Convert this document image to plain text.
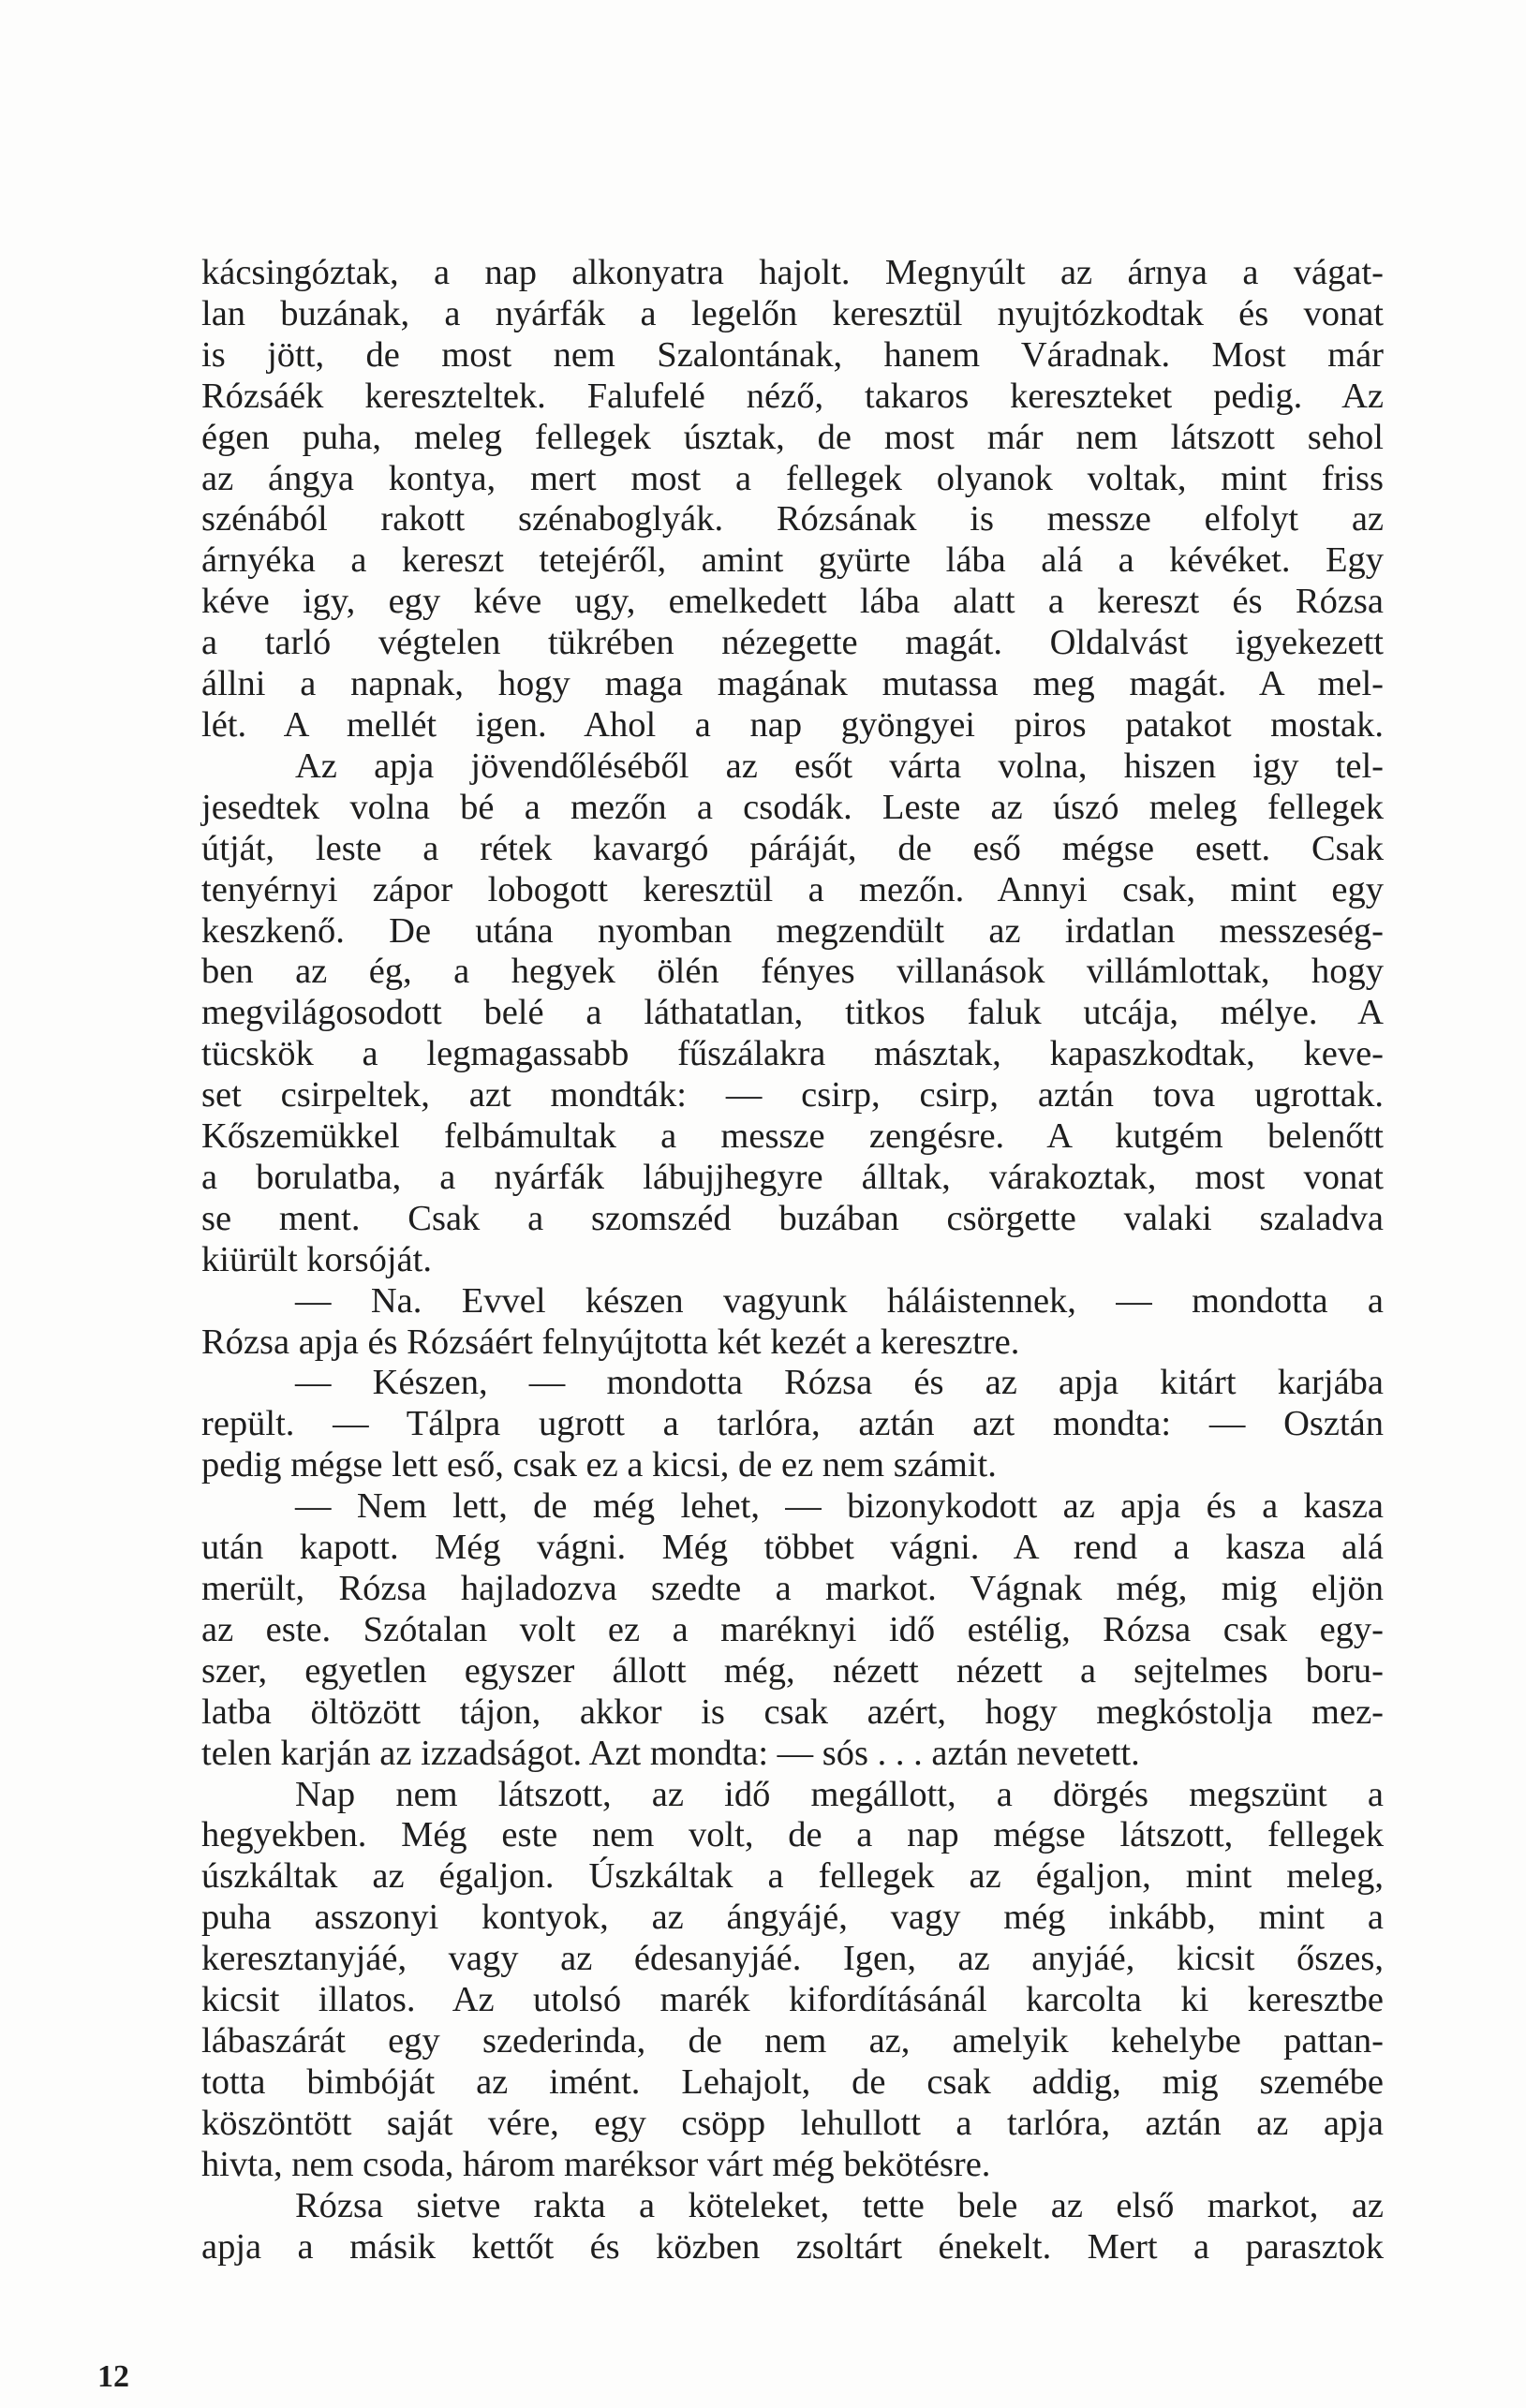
kácsingóztak, a nap alkonyatra hajolt. Megnyúlt az árnya a vágat-
lan buzának, a nyárfák a legelőn keresztül nyujtózkodtak és vonat
is jött, de most nem Szalontának, hanem Váradnak. Most már
Rózsáék kereszteltek. Falufelé néző, takaros kereszteket pedig. Az
égen puha, meleg fellegek úsztak, de most már nem látszott sehol
az ángya kontya, mert most a fellegek olyanok voltak, mint friss
szénából rakott szénaboglyák. Rózsának is messze elfolyt az
árnyéka a kereszt tetejéről, amint gyürte lába alá a kévéket. Egy
kéve igy, egy kéve ugy, emelkedett lába alatt a kereszt és Rózsa
a tarló végtelen tükrében nézegette magát. Oldalvást igyekezett
állni a napnak, hogy maga magának mutassa meg magát. A mel-
lét. A mellét igen. Ahol a nap gyöngyei piros patakot mostak.
Az apja jövendőléséből az esőt várta volna, hiszen igy tel-
jesedtek volna bé a mezőn a csodák. Leste az úszó meleg fellegek
útját, leste a rétek kavargó páráját, de eső mégse esett. Csak
tenyérnyi zápor lobogott keresztül a mezőn. Annyi csak, mint egy
keszkenő. De utána nyomban megzendült az irdatlan messzeség-
ben az ég, a hegyek ölén fényes villanások villámlottak, hogy
megvilágosodott belé a láthatatlan, titkos faluk utcája, mélye. A
tücskök a legmagassabb fűszálakra másztak, kapaszkodtak, keve-
set csirpeltek, azt mondták: — csirp, csirp, aztán tova ugrottak.
Kőszemükkel felbámultak a messze zengésre. A kutgém belenőtt
a borulatba, a nyárfák lábujjhegyre álltak, várakoztak, most vonat
se ment. Csak a szomszéd buzában csörgette valaki szaladva
kiürült korsóját.
— Na. Evvel készen vagyunk háláistennek, — mondotta a
Rózsa apja és Rózsáért felnyújtotta két kezét a keresztre.
— Készen, — mondotta Rózsa és az apja kitárt karjába
repült. — Tálpra ugrott a tarlóra, aztán azt mondta: — Osztán
pedig mégse lett eső, csak ez a kicsi, de ez nem számit.
— Nem lett, de még lehet, — bizonykodott az apja és a kasza
után kapott. Még vágni. Még többet vágni. A rend a kasza alá
merült, Rózsa hajladozva szedte a markot. Vágnak még, mig eljön
az este. Szótalan volt ez a maréknyi idő estélig, Rózsa csak egy-
szer, egyetlen egyszer állott még, nézett nézett a sejtelmes boru-
latba öltözött tájon, akkor is csak azért, hogy megkóstolja mez-
telen karján az izzadságot. Azt mondta: — sós . . . aztán nevetett.
Nap nem látszott, az idő megállott, a dörgés megszünt a
hegyekben. Még este nem volt, de a nap mégse látszott, fellegek
úszkáltak az égaljon. Úszkáltak a fellegek az égaljon, mint meleg,
puha asszonyi kontyok, az ángyájé, vagy még inkább, mint a
keresztanyjáé, vagy az édesanyjáé. Igen, az anyjáé, kicsit őszes,
kicsit illatos. Az utolsó marék kifordításánál karcolta ki keresztbe
lábaszárát egy szederinda, de nem az, amelyik kehelybe pattan-
totta bimbóját az imént. Lehajolt, de csak addig, mig szemébe
köszöntött saját vére, egy csöpp lehullott a tarlóra, aztán az apja
hivta, nem csoda, három maréksor várt még bekötésre.
Rózsa sietve rakta a köteleket, tette bele az első markot, az
apja a másik kettőt és közben zsoltárt énekelt. Mert a parasztok
12
